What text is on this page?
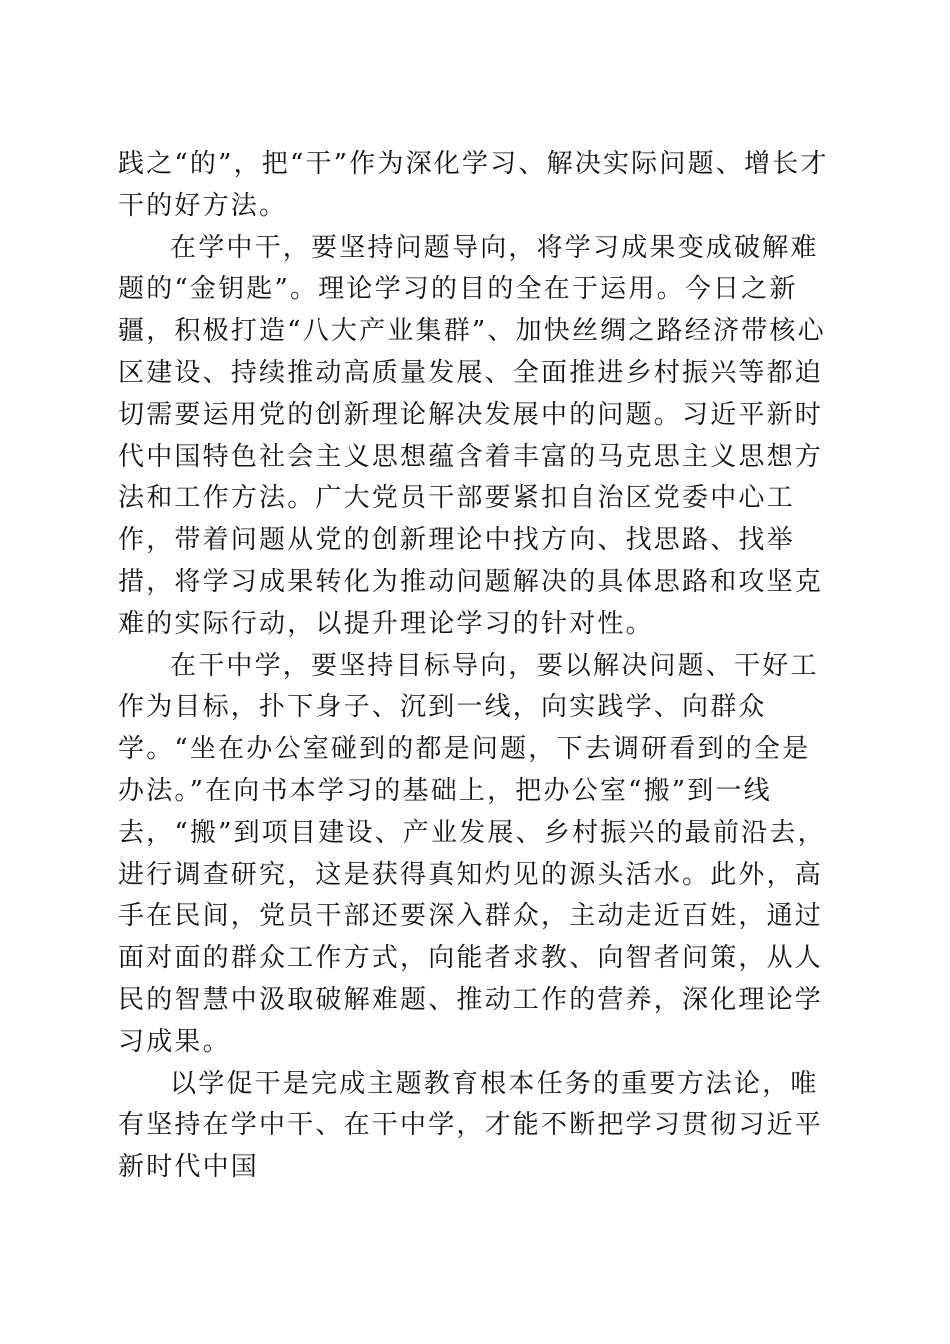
践之“的”，把“干”作为深化学习、解决实际问题、增长才干的好方法。

在学中干，要坚持问题导向，将学习成果变成破解难题的“金钥匙”。理论学习的目的全在于运用。今日之新疆，积极打造“八大产业集群”、加快丝绸之路经济带核心区建设、持续推动高质量发展、全面推进乡村振兴等都迫切需要运用党的创新理论解决发展中的问题。习近平新时代中国特色社会主义思想蕴含着丰富的马克思主义思想方法和工作方法。广大党员干部要紧扣自治区党委中心工作，带着问题从党的创新理论中找方向、找思路、找举措，将学习成果转化为推动问题解决的具体思路和攻坚克难的实际行动，以提升理论学习的针对性。

在干中学，要坚持目标导向，要以解决问题、干好工作为目标，扑下身子、沉到一线，向实践学、向群众学。“坐在办公室碰到的都是问题，下去调研看到的全是办法。”在向书本学习的基础上，把办公室“搬”到一线去，“搬”到项目建设、产业发展、乡村振兴的最前沿去，进行调查研究，这是获得真知灼见的源头活水。此外，高手在民间，党员干部还要深入群众，主动走近百姓，通过面对面的群众工作方式，向能者求教、向智者问策，从人民的智慧中汲取破解难题、推动工作的营养，深化理论学习成果。

以学促干是完成主题教育根本任务的重要方法论，唯有坚持在学中干、在干中学，才能不断把学习贯彻习近平新时代中国
